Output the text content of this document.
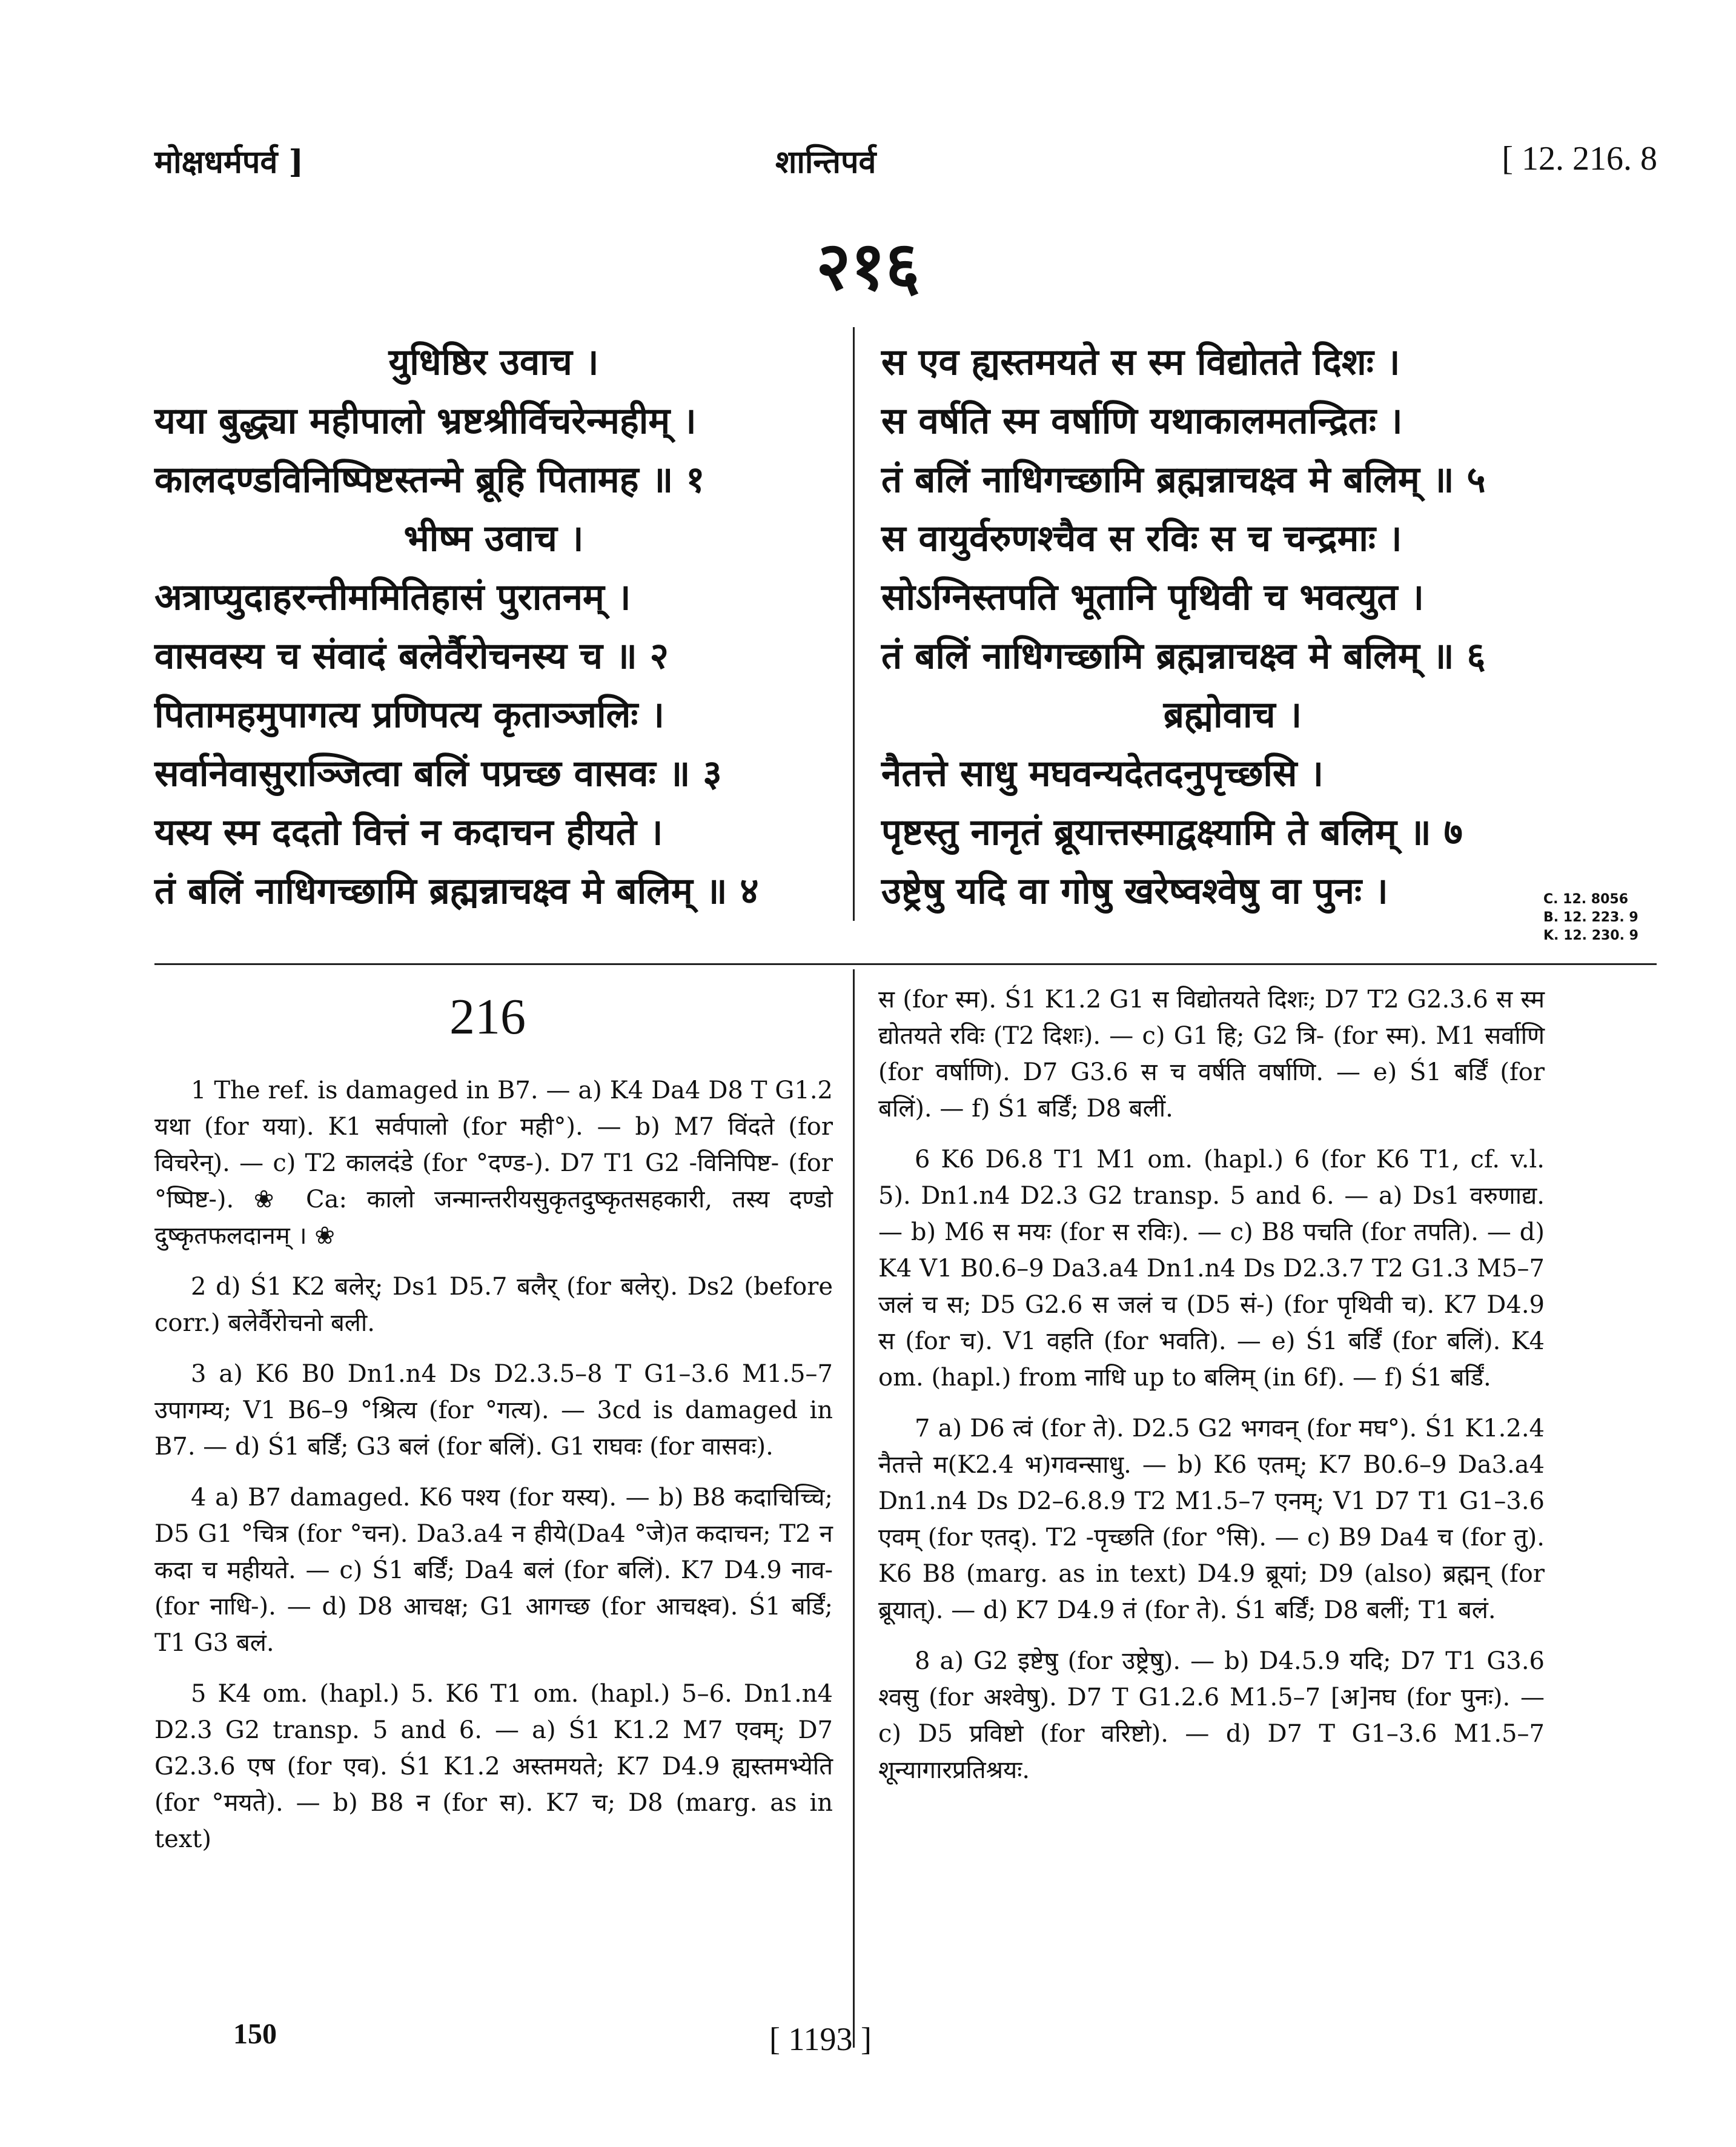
मोक्षधर्मपर्व ]	शान्तिपर्व	[ 12. 216. 8
२१६
युधिष्ठिर उवाच ।
यया बुद्ध्या महीपालो भ्रष्टश्रीर्विचरेन्महीम् ।
कालदण्डविनिष्पिष्टस्तन्मे ब्रूहि पितामह ॥ १
भीष्म उवाच ।
अत्राप्युदाहरन्तीममितिहासं पुरातनम् ।
वासवस्य च संवादं बलेर्वैरोचनस्य च ॥ २
पितामहमुपागत्य प्रणिपत्य कृताञ्जलिः ।
सर्वानेवासुराञ्जित्वा बलिं पप्रच्छ वासवः ॥ ३
यस्य स्म ददतो वित्तं न कदाचन हीयते ।
तं बलिं नाधिगच्छामि ब्रह्मन्नाचक्ष्व मे बलिम् ॥ ४
स एव ह्यस्तमयते स स्म विद्योतते दिशः ।
स वर्षति स्म वर्षाणि यथाकालमतन्द्रितः ।
तं बलिं नाधिगच्छामि ब्रह्मन्नाचक्ष्व मे बलिम् ॥ ५
स वायुर्वरुणश्चैव स रविः स च चन्द्रमाः ।
सोऽग्निस्तपति भूतानि पृथिवी च भवत्युत ।
तं बलिं नाधिगच्छामि ब्रह्मन्नाचक्ष्व मे बलिम् ॥ ६
ब्रह्मोवाच ।
नैतत्ते साधु मघवन्यदेतदनुपृच्छसि ।
पृष्टस्तु नानृतं ब्रूयात्तस्माद्वक्ष्यामि ते बलिम् ॥ ७
उष्ट्रेषु यदि वा गोषु खरेष्वश्वेषु वा पुनः ।	C. 12. 8056
B. 12. 223. 9
K. 12. 230. 9
216

1 The ref. is damaged in B7. — a) K4 Da4 D8 T G1.2 यथा (for यया). K1 सर्वपालो (for मही°). — b) M7 विंदते (for विचरेन्). — c) T2 कालदंडे (for °दण्ड-). D7 T1 G2 -विनिपिष्ट- (for °ष्पिष्ट-). ❀ Ca: कालो जन्मान्तरीयसुकृतदुष्कृतसहकारी, तस्य दण्डो दुष्कृतफलदानम् । ❀

2 d) Ś1 K2 बलेर्; Ds1 D5.7 बलैर् (for बलेर्). Ds2 (before corr.) बलेर्वैरोचनो बली.

3 a) K6 B0 Dn1.n4 Ds D2.3.5–8 T G1–3.6 M1.5–7 उपागम्य; V1 B6–9 °श्रित्य (for °गत्य). — 3cd is damaged in B7. — d) Ś1 बर्डिं; G3 बलं (for बलिं). G1 राघवः (for वासवः).

4 a) B7 damaged. K6 पश्य (for यस्य). — b) B8 कदाचिच्चि; D5 G1 °चित्र (for °चन). Da3.a4 न हीये(Da4 °जे)त कदाचन; T2 न कदा च महीयते. — c) Ś1 बर्डिं; Da4 बलं (for बलिं). K7 D4.9 नाव- (for नाधि-). — d) D8 आचक्ष; G1 आगच्छ (for आचक्ष्व). Ś1 बर्डिं; T1 G3 बलं.

5 K4 om. (hapl.) 5. K6 T1 om. (hapl.) 5–6. Dn1.n4 D2.3 G2 transp. 5 and 6. — a) Ś1 K1.2 M7 एवम्; D7 G2.3.6 एष (for एव). Ś1 K1.2 अस्तमयते; K7 D4.9 ह्यस्तमभ्येति (for °मयते). — b) B8 न (for स). K7 च; D8 (marg. as in text)

स (for स्म). Ś1 K1.2 G1 स विद्योतयते दिशः; D7 T2 G2.3.6 स स्म द्योतयते रविः (T2 दिशः). — c) G1 हि; G2 त्रि- (for स्म). M1 सर्वाणि (for वर्षाणि). D7 G3.6 स च वर्षति वर्षाणि. — e) Ś1 बर्डिं (for बलिं). — f) Ś1 बर्डिं; D8 बलीं.

6 K6 D6.8 T1 M1 om. (hapl.) 6 (for K6 T1, cf. v.l. 5). Dn1.n4 D2.3 G2 transp. 5 and 6. — a) Ds1 वरुणाद्य. — b) M6 स मयः (for स रविः). — c) B8 पचति (for तपति). — d) K4 V1 B0.6–9 Da3.a4 Dn1.n4 Ds D2.3.7 T2 G1.3 M5–7 जलं च स; D5 G2.6 स जलं च (D5 सं-) (for पृथिवी च). K7 D4.9 स (for च). V1 वहति (for भवति). — e) Ś1 बर्डिं (for बलिं). K4 om. (hapl.) from नाधि up to बलिम् (in 6f). — f) Ś1 बर्डिं.

7 a) D6 त्वं (for ते). D2.5 G2 भगवन् (for मघ°). Ś1 K1.2.4 नैतत्ते म(K2.4 भ)गवन्साधु. — b) K6 एतम्; K7 B0.6–9 Da3.a4 Dn1.n4 Ds D2–6.8.9 T2 M1.5–7 एनम्; V1 D7 T1 G1–3.6 एवम् (for एतद्). T2 -पृच्छति (for °सि). — c) B9 Da4 च (for तु). K6 B8 (marg. as in text) D4.9 ब्रूयां; D9 (also) ब्रह्मन् (for ब्रूयात्). — d) K7 D4.9 तं (for ते). Ś1 बर्डिं; D8 बलीं; T1 बलं.

8 a) G2 इष्टेषु (for उष्ट्रेषु). — b) D4.5.9 यदि; D7 T1 G3.6 श्वसु (for अश्वेषु). D7 T G1.2.6 M1.5–7 [अ]नघ (for पुनः). — c) D5 प्रविष्टो (for वरिष्टो). — d) D7 T G1–3.6 M1.5–7 शून्यागारप्रतिश्रयः.

150	[ 1193 ]
